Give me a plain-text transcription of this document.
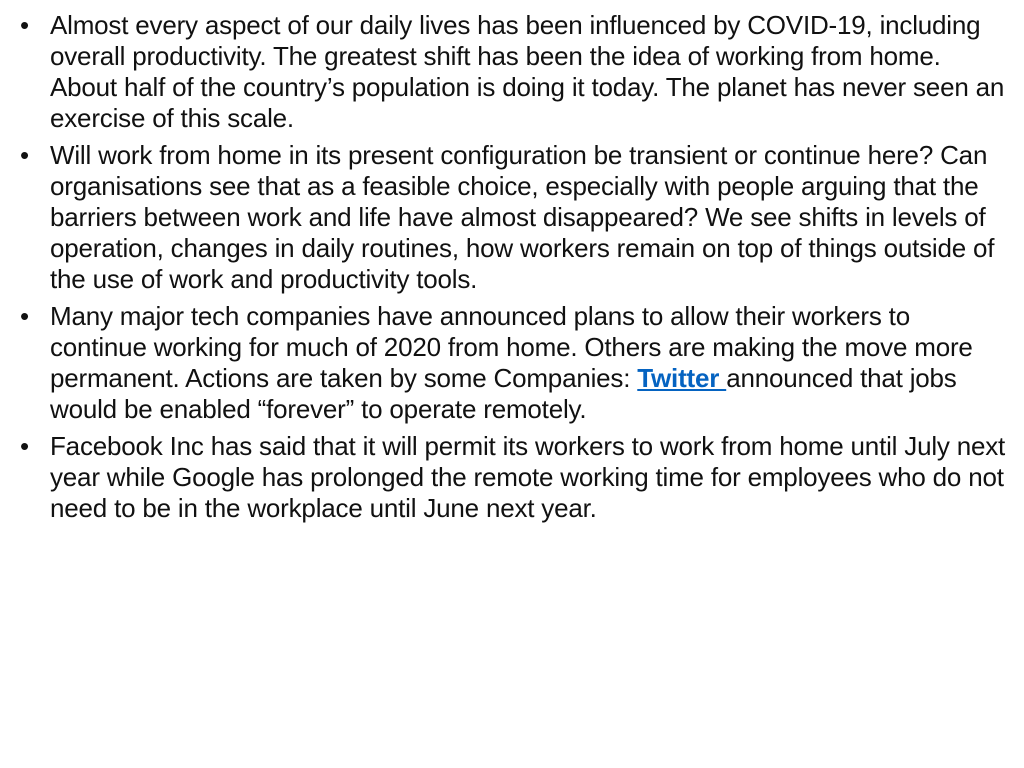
• Almost every aspect of our daily lives has been influenced by COVID-19, including overall productivity. The greatest shift has been the idea of working from home. About half of the country’s population is doing it today. The planet has never seen an exercise of this scale.
• Will work from home in its present configuration be transient or continue here? Can organisations see that as a feasible choice, especially with people arguing that the barriers between work and life have almost disappeared? We see shifts in levels of operation, changes in daily routines, how workers remain on top of things outside of the use of work and productivity tools.
• Many major tech companies have announced plans to allow their workers to continue working for much of 2020 from home. Others are making the move more permanent. Actions are taken by some Companies: Twitter announced that jobs would be enabled “forever” to operate remotely.
• Facebook Inc has said that it will permit its workers to work from home until July next year while Google has prolonged the remote working time for employees who do not need to be in the workplace until June next year.
